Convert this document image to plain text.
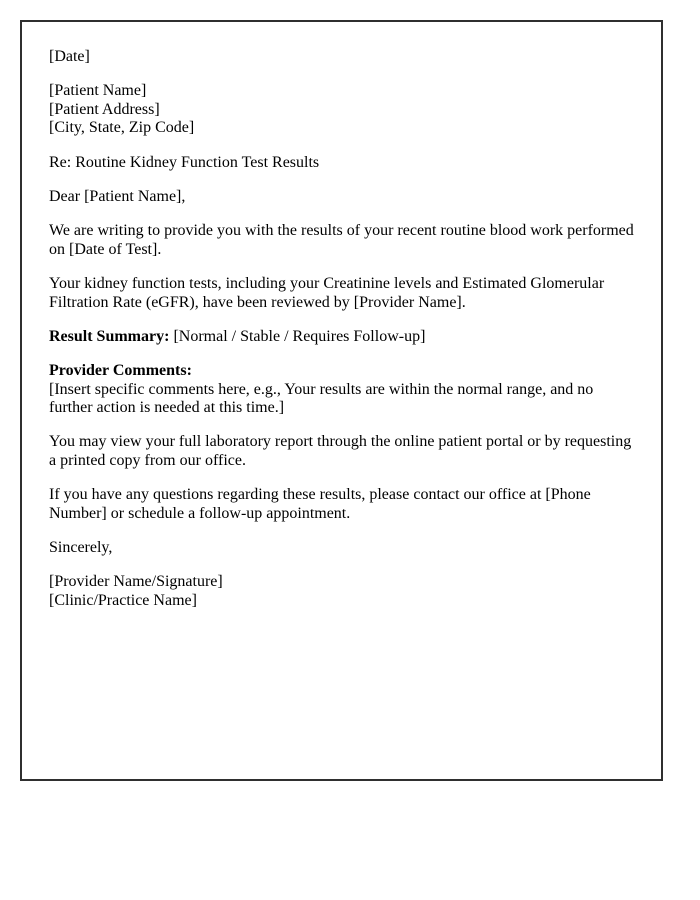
[Date]

[Patient Name]
[Patient Address]
[City, State, Zip Code]

Re: Routine Kidney Function Test Results

Dear [Patient Name],

We are writing to provide you with the results of your recent routine blood work performed on [Date of Test].

Your kidney function tests, including your Creatinine levels and Estimated Glomerular Filtration Rate (eGFR), have been reviewed by [Provider Name].

Result Summary: [Normal / Stable / Requires Follow-up]

Provider Comments:
[Insert specific comments here, e.g., Your results are within the normal range, and no further action is needed at this time.]

You may view your full laboratory report through the online patient portal or by requesting a printed copy from our office.

If you have any questions regarding these results, please contact our office at [Phone Number] or schedule a follow-up appointment.

Sincerely,

[Provider Name/Signature]
[Clinic/Practice Name]
